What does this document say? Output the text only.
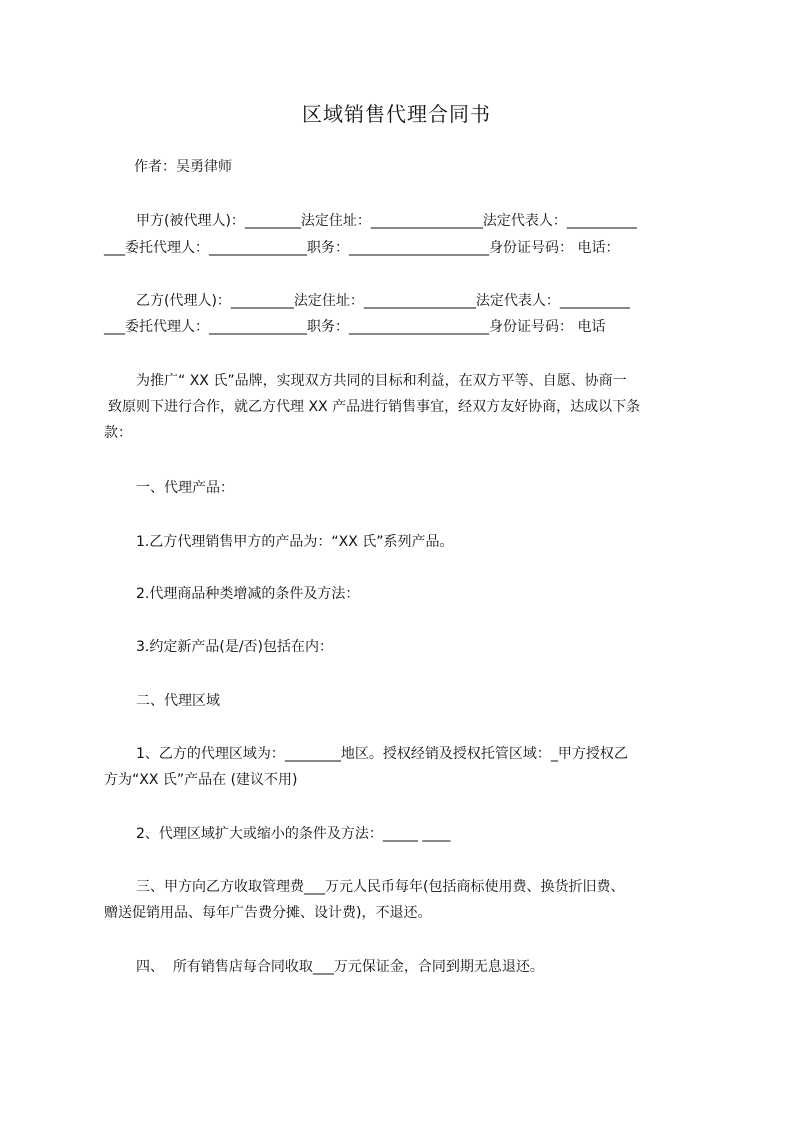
区域销售代理合同书
作者：吴勇律师
甲方(被代理人)：________法定住址：________________法定代表人：__________
___委托代理人：______________职务：____________________身份证号码： 电话：
乙方(代理人)：_________法定住址：________________法定代表人：__________
___委托代理人：______________职务：____________________身份证号码： 电话
为推广“ XX 氏”品牌，实现双方共同的目标和利益，在双方平等、自愿、协商一
致原则下进行合作，就乙方代理 XX 产品进行销售事宜，经双方友好协商，达成以下条
款：
一、代理产品：
1.乙方代理销售甲方的产品为：“XX 氏”系列产品。
2.代理商品种类增减的条件及方法：
3.约定新产品(是/否)包括在内：
二、代理区域
1、乙方的代理区域为：________地区。授权经销及授权托管区域：_甲方授权乙
方为“XX 氏”产品在 (建议不用)
2、代理区域扩大或缩小的条件及方法：_____ ____
三、甲方向乙方收取管理费___万元人民币每年(包括商标使用费、换货折旧费、
赠送促销用品、每年广告费分摊、设计费)，不退还。
四、  所有销售店每合同收取___万元保证金，合同到期无息退还。
